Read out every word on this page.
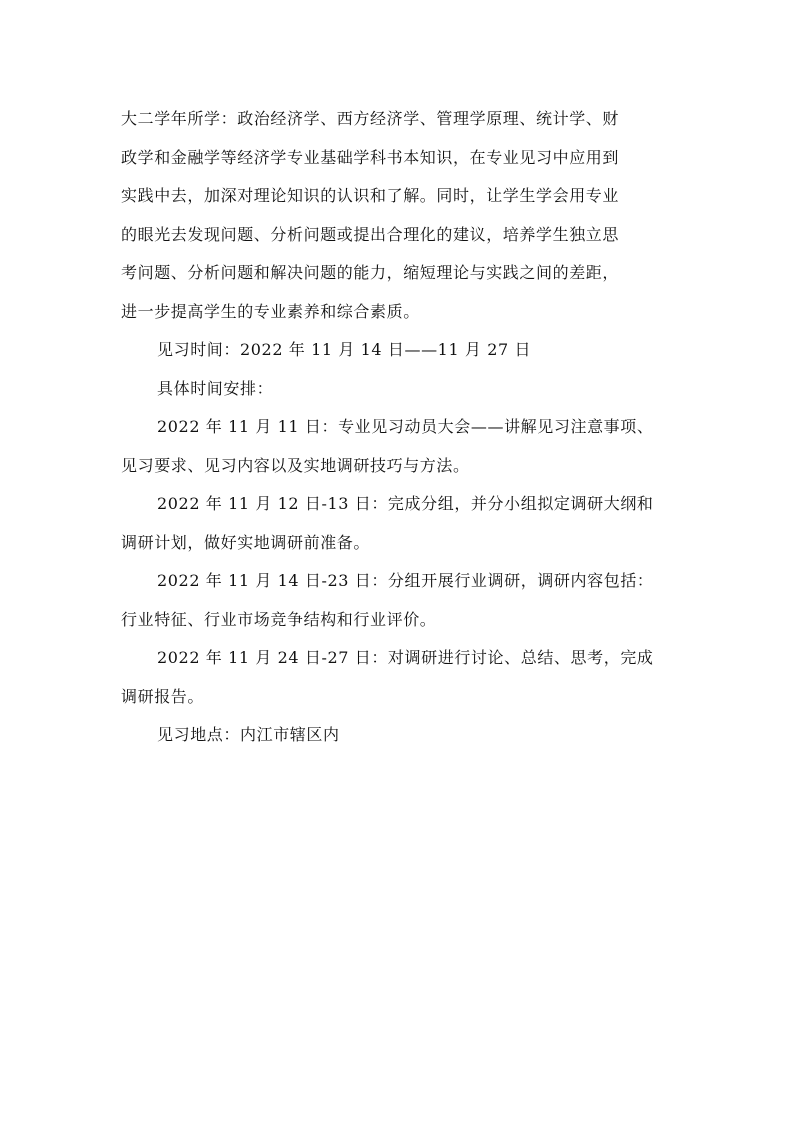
大二学年所学：政治经济学、西方经济学、管理学原理、统计学、财
政学和金融学等经济学专业基础学科书本知识，在专业见习中应用到
实践中去，加深对理论知识的认识和了解。同时，让学生学会用专业
的眼光去发现问题、分析问题或提出合理化的建议，培养学生独立思
考问题、分析问题和解决问题的能力，缩短理论与实践之间的差距，
进一步提高学生的专业素养和综合素质。

见习时间：2022 年 11 月 14 日——11 月 27 日

具体时间安排：

2022 年 11 月 11 日：专业见习动员大会——讲解见习注意事项、
见习要求、见习内容以及实地调研技巧与方法。

2022 年 11 月 12 日-13 日：完成分组，并分小组拟定调研大纲和
调研计划，做好实地调研前准备。

2022 年 11 月 14 日-23 日：分组开展行业调研，调研内容包括：
行业特征、行业市场竞争结构和行业评价。

2022 年 11 月 24 日-27 日：对调研进行讨论、总结、思考，完成
调研报告。

见习地点：内江市辖区内
